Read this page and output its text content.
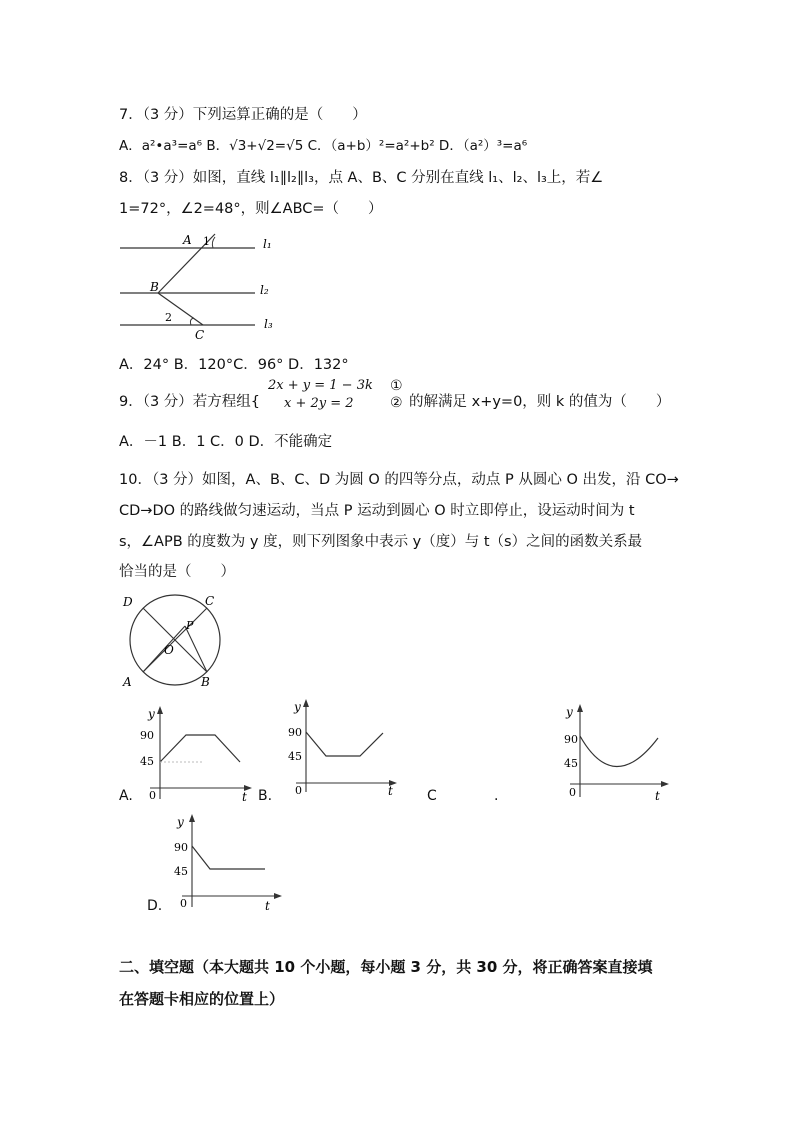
7．（3 分）下列运算正确的是（　　）
A．a²•a³=a⁶ B．√3+√2=√5 C．（a+b）²=a²+b² D．（a²）³=a⁶
8．（3 分）如图，直线 l₁∥l₂∥l₃，点 A、B、C 分别在直线 l₁、l₂、l₃上，若∠
1=72°，∠2=48°，则∠ABC=（　　）
A 1
B
2
C
l₁
l₂
l₃
A．24° B．120°C．96° D．132°
9．（3 分）若方程组{
2x + y = 1 − 3k
x + 2y = 2
①
② 的解满足 x+y=0，则 k 的值为（　　）
A．－1 B．1 C．0 D．不能确定
10．（3 分）如图，A、B、C、D 为圆 O 的四等分点，动点 P 从圆心 O 出发，沿 CO→
CD→DO 的路线做匀速运动，当点 P 运动到圆心 O 时立即停止，设运动时间为 t
s，∠APB 的度数为 y 度，则下列图象中表示 y（度）与 t（s）之间的函数关系最
恰当的是（　　）
D	C
P
O
A	B
A.
y
90
45
0	t B.
y
90
45
0	t C	.
y
90
45
0	t
D.
y
90
45
0	t
二、填空题（本大题共 10 个小题，每小题 3 分，共 30 分，将正确答案直接填
在答题卡相应的位置上）
